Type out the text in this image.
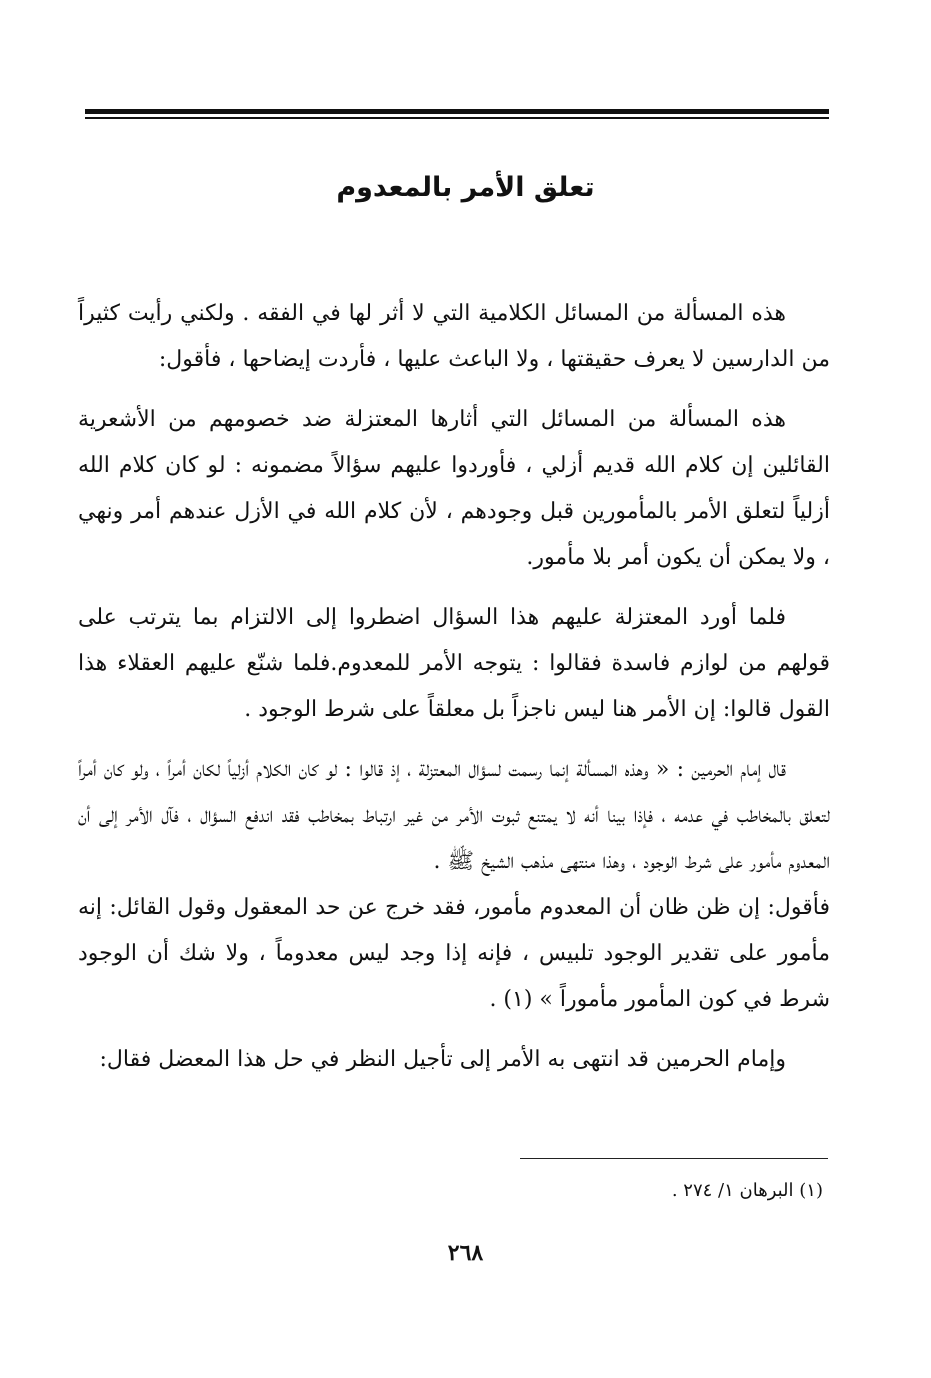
تعلق الأمر بالمعدوم

هذه المسألة من المسائل الكلامية التي لا أثر لها في الفقه . ولكني رأيت كثيراً من الدارسين لا يعرف حقيقتها ، ولا الباعث عليها ، فأردت إيضاحها ، فأقول:

هذه المسألة من المسائل التي أثارها المعتزلة ضد خصومهم من الأشعرية القائلين إن كلام الله قديم أزلي ، فأوردوا عليهم سؤالاً مضمونه : لو كان كلام الله أزلياً لتعلق الأمر بالمأمورين قبل وجودهم ، لأن كلام الله في الأزل عندهم أمر ونهي ، ولا يمكن أن يكون أمر بلا مأمور.

فلما أورد المعتزلة عليهم هذا السؤال اضطروا إلى الالتزام بما يترتب على قولهم من لوازم فاسدة فقالوا : يتوجه الأمر للمعدوم.فلما شنّع عليهم العقلاء هذا القول قالوا: إن الأمر هنا ليس ناجزاً بل معلقاً على شرط الوجود .

قال إمام الحرمين : « وهذه المسألة إنما رسمت لسؤال المعتزلة ، إذ قالوا : لو كان الكلام أزلياً لكان أمراً ، ولو كان أمراً لتعلق بالمخاطب في عدمه ، فإذا بينا أنه لا يمتنع ثبوت الأمر من غير ارتباط بمخاطب فقد اندفع السؤال ، فآل الأمر إلى أن المعدوم مأمور على شرط الوجود ، وهذا منتهى مذهب الشيخ ﷺ .

فأقول: إن ظن ظان أن المعدوم مأمور، فقد خرج عن حد المعقول وقول القائل: إنه مأمور على تقدير الوجود تلبيس ، فإنه إذا وجد ليس معدوماً ، ولا شك أن الوجود شرط في كون المأمور مأموراً » (١) .

وإمام الحرمين قد انتهى به الأمر إلى تأجيل النظر في حل هذا المعضل فقال:

(١) البرهان ١/ ٢٧٤ .

٢٦٨
